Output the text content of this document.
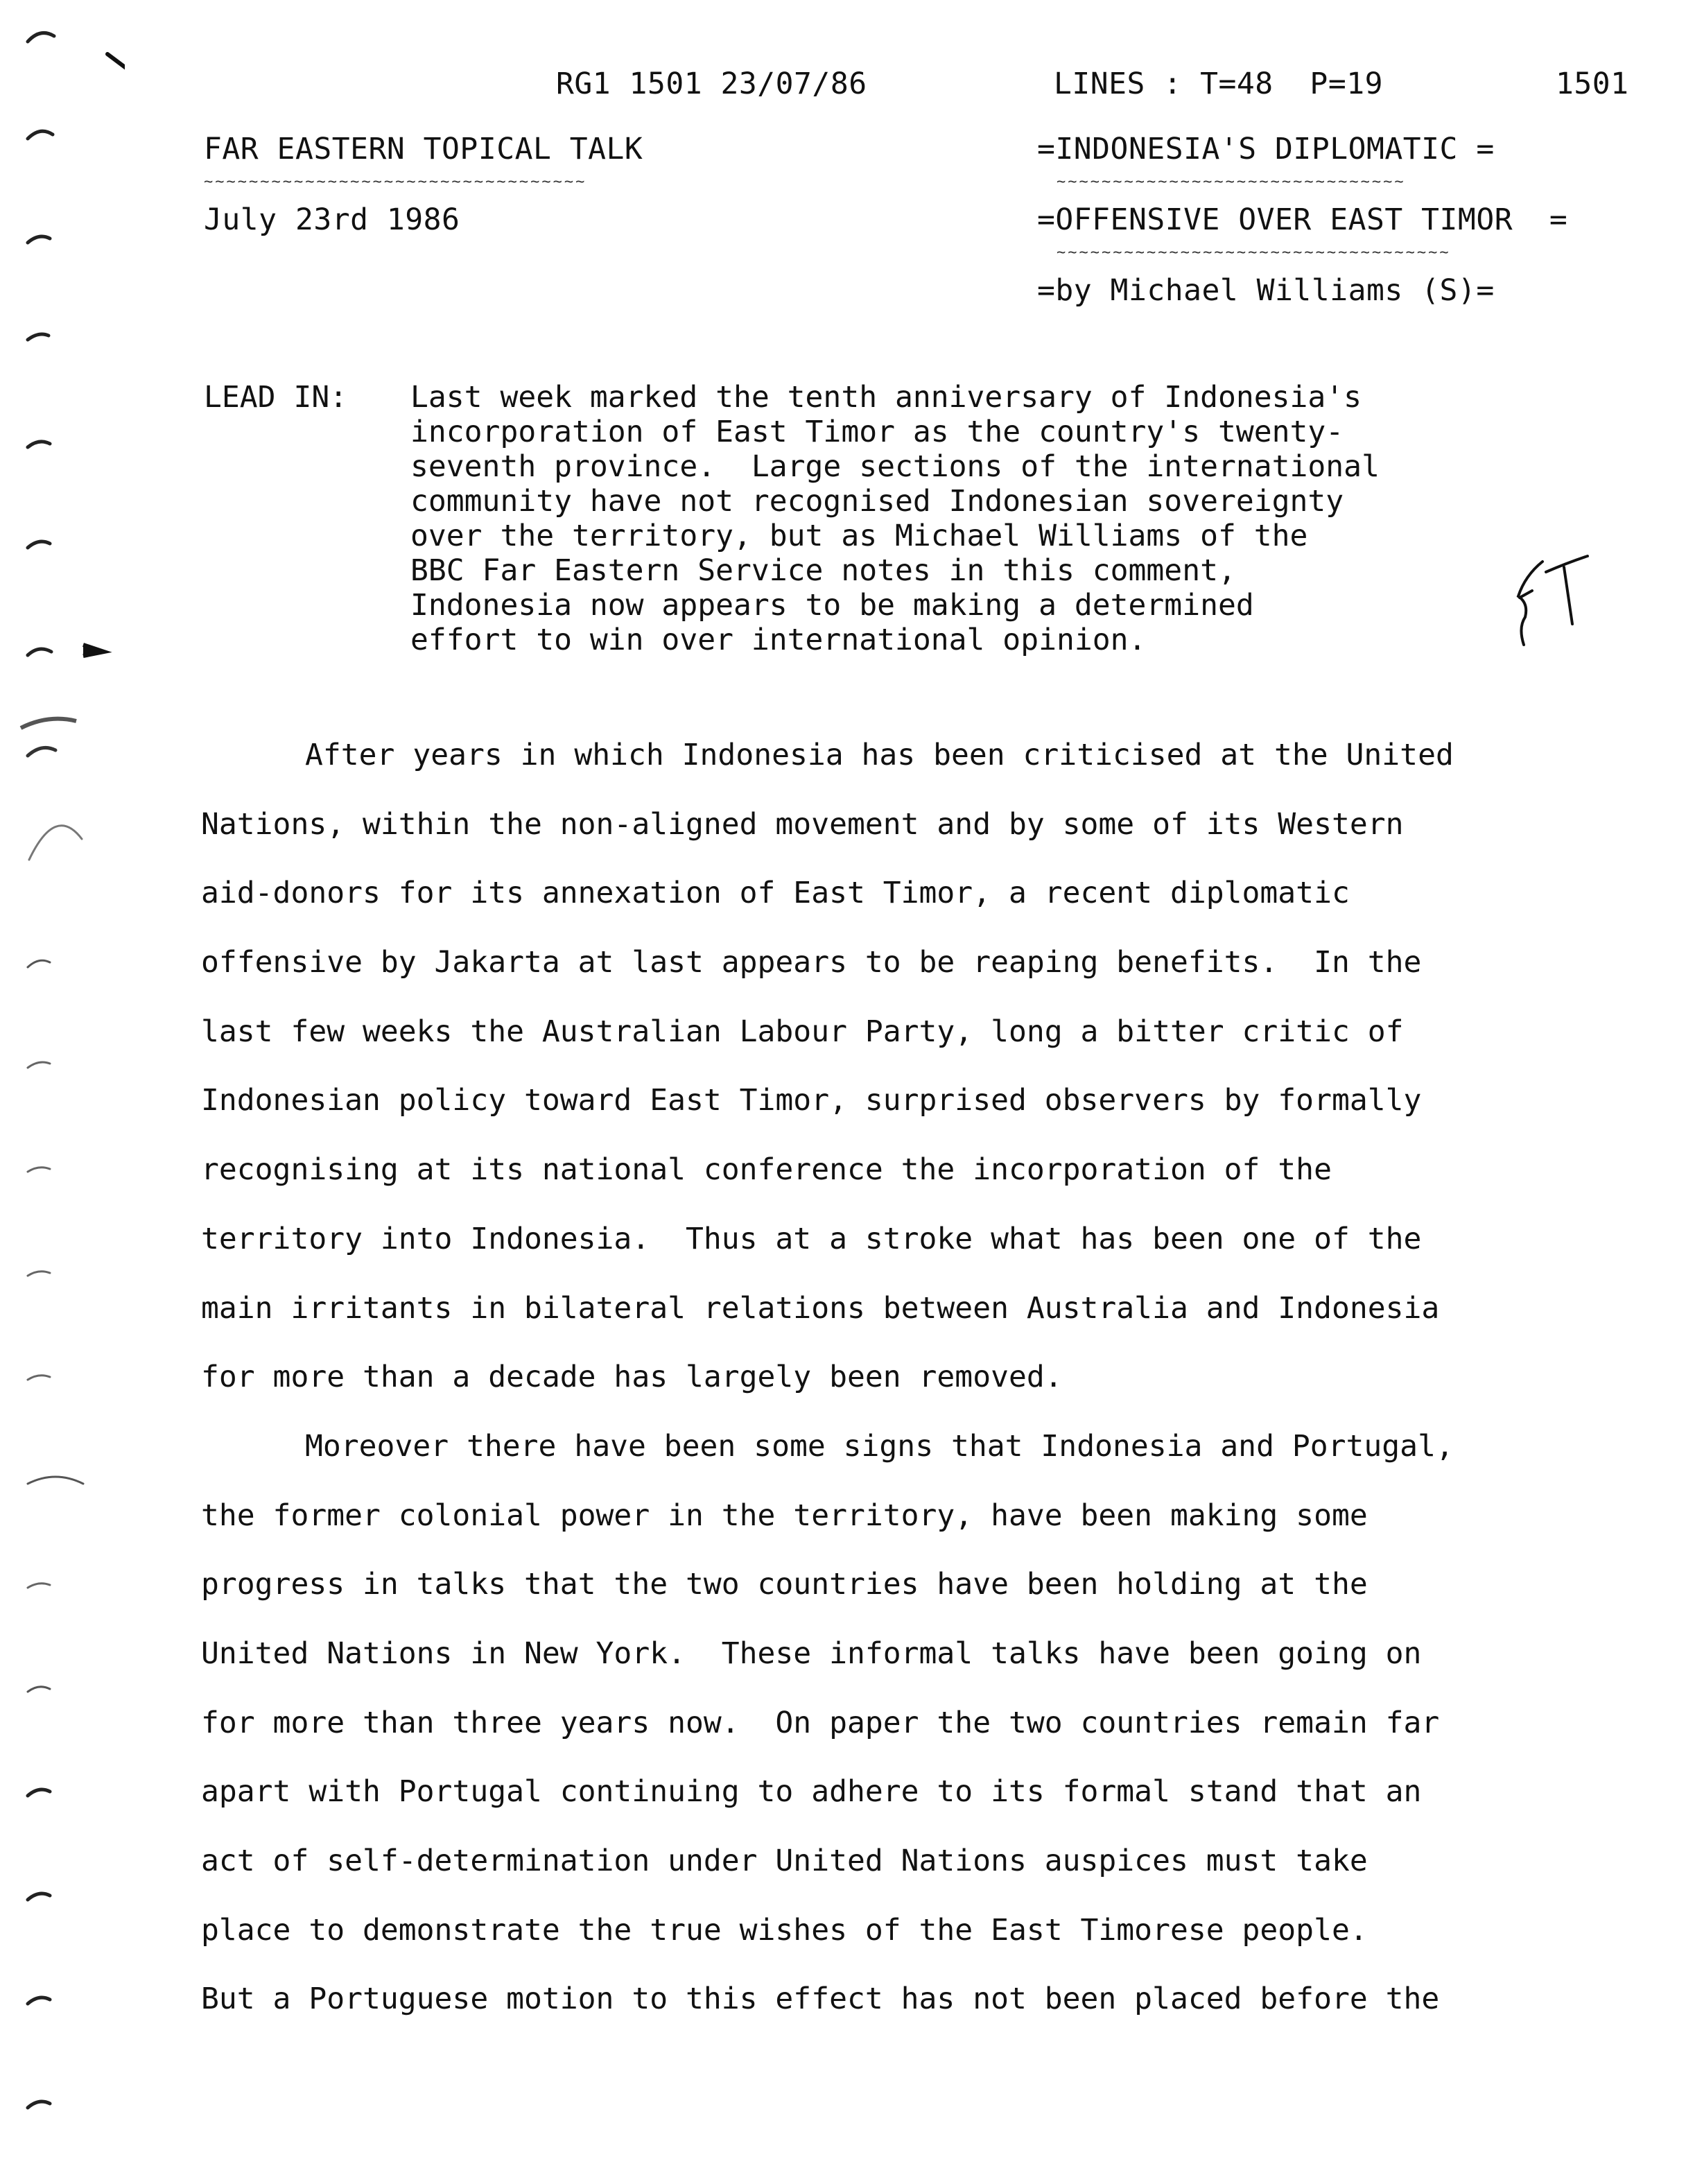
RG1 1501 23/07/86	LINES : T=48  P=19	1501
FAR EASTERN TOPICAL TALK
~~~~~~~~~~~~~~~~~~~~~~~~~~~~~~~~~~
July 23rd 1986
=INDONESIA'S DIPLOMATIC =
~~~~~~~~~~~~~~~~~~~~~~~~~~~~~~~
=OFFENSIVE OVER EAST TIMOR  =
~~~~~~~~~~~~~~~~~~~~~~~~~~~~~~~~~~~
=by Michael Williams (S)=
LEAD IN: Last week marked the tenth anniversary of Indonesia's
incorporation of East Timor as the country's twenty-
seventh province.  Large sections of the international
community have not recognised Indonesian sovereignty
over the territory, but as Michael Williams of the
BBC Far Eastern Service notes in this comment,
Indonesia now appears to be making a determined
effort to win over international opinion.
After years in which Indonesia has been criticised at the United
Nations, within the non-aligned movement and by some of its Western
aid-donors for its annexation of East Timor, a recent diplomatic
offensive by Jakarta at last appears to be reaping benefits.  In the
last few weeks the Australian Labour Party, long a bitter critic of
Indonesian policy toward East Timor, surprised observers by formally
recognising at its national conference the incorporation of the
territory into Indonesia.  Thus at a stroke what has been one of the
main irritants in bilateral relations between Australia and Indonesia
for more than a decade has largely been removed.
Moreover there have been some signs that Indonesia and Portugal,
the former colonial power in the territory, have been making some
progress in talks that the two countries have been holding at the
United Nations in New York.  These informal talks have been going on
for more than three years now.  On paper the two countries remain far
apart with Portugal continuing to adhere to its formal stand that an
act of self-determination under United Nations auspices must take
place to demonstrate the true wishes of the East Timorese people.
But a Portuguese motion to this effect has not been placed before the
